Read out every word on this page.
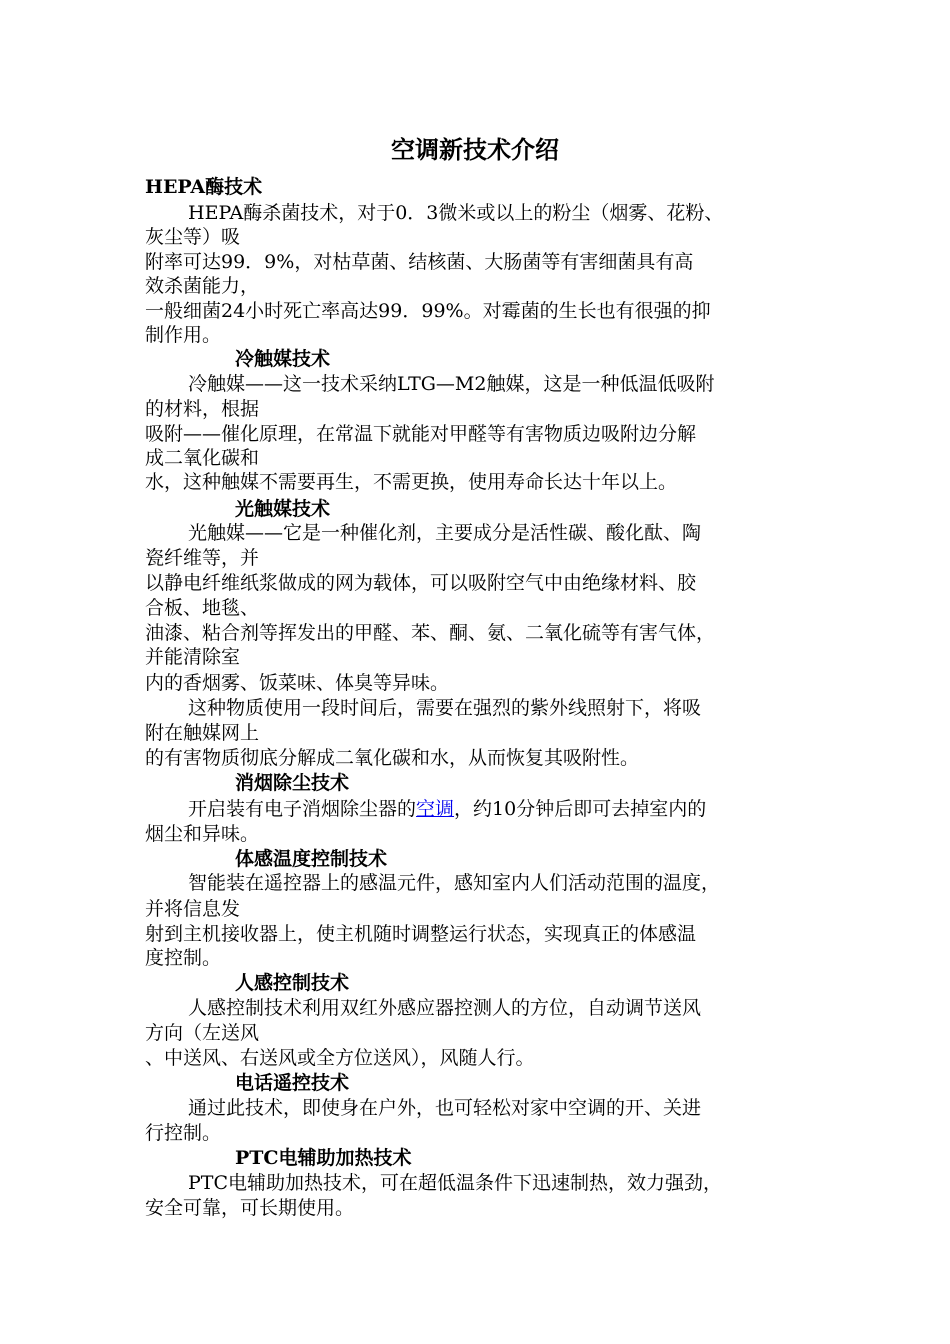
空调新技术介绍
HEPA酶技术
HEPA酶杀菌技术，对于0．3微米或以上的粉尘（烟雾、花粉、
灰尘等）吸
附率可达99．9%，对枯草菌、结核菌、大肠菌等有害细菌具有高
效杀菌能力，
一般细菌24小时死亡率高达99．99%。对霉菌的生长也有很强的抑
制作用。
冷触媒技术
冷触媒——这一技术采纳LTG—M2触媒，这是一种低温低吸附
的材料，根据
吸附——催化原理，在常温下就能对甲醛等有害物质边吸附边分解
成二氧化碳和
水，这种触媒不需要再生，不需更换，使用寿命长达十年以上。
光触媒技术
光触媒——它是一种催化剂，主要成分是活性碳、酸化酞、陶
瓷纤维等，并
以静电纤维纸浆做成的网为载体，可以吸附空气中由绝缘材料、胶
合板、地毯、
油漆、粘合剂等挥发出的甲醛、苯、酮、氨、二氧化硫等有害气体，
并能清除室
内的香烟雾、饭菜味、体臭等异味。
这种物质使用一段时间后，需要在强烈的紫外线照射下，将吸
附在触媒网上
的有害物质彻底分解成二氧化碳和水，从而恢复其吸附性。
消烟除尘技术
开启装有电子消烟除尘器的空调，约10分钟后即可去掉室内的
烟尘和异味。
体感温度控制技术
智能装在遥控器上的感温元件，感知室内人们活动范围的温度，
并将信息发
射到主机接收器上，使主机随时调整运行状态，实现真正的体感温
度控制。
人感控制技术
人感控制技术利用双红外感应器控测人的方位，自动调节送风
方向（左送风
、中送风、右送风或全方位送风），风随人行。
电话遥控技术
通过此技术，即使身在户外，也可轻松对家中空调的开、关进
行控制。
PTC电辅助加热技术
PTC电辅助加热技术，可在超低温条件下迅速制热，效力强劲，
安全可靠，可长期使用。
